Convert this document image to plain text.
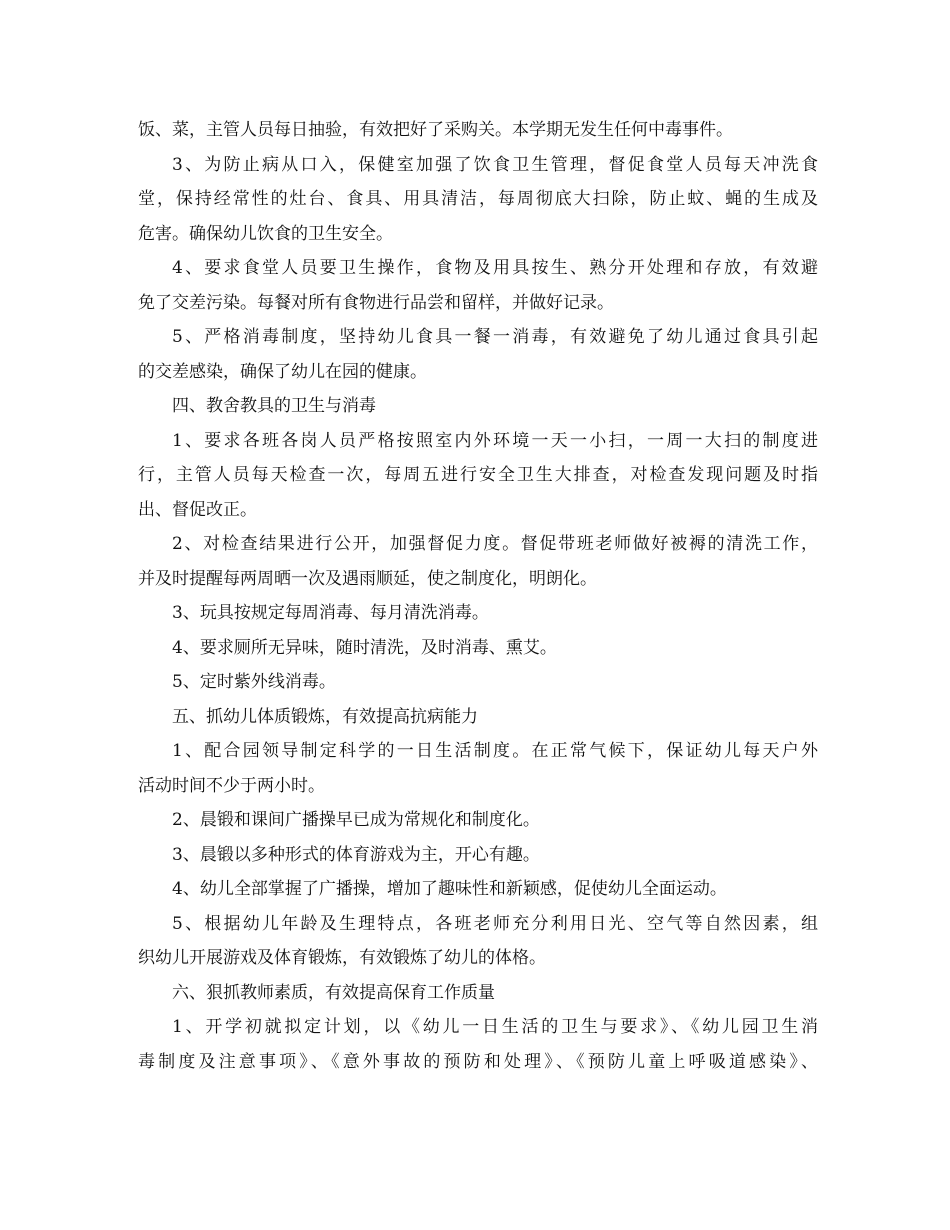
饭、菜，主管人员每日抽验，有效把好了采购关。本学期无发生任何中毒事件。
3、为防止病从口入，保健室加强了饮食卫生管理，督促食堂人员每天冲洗食
堂，保持经常性的灶台、食具、用具清洁，每周彻底大扫除，防止蚊、蝇的生成及
危害。确保幼儿饮食的卫生安全。
4、要求食堂人员要卫生操作，食物及用具按生、熟分开处理和存放，有效避
免了交差污染。每餐对所有食物进行品尝和留样，并做好记录。
5、严格消毒制度，坚持幼儿食具一餐一消毒，有效避免了幼儿通过食具引起
的交差感染，确保了幼儿在园的健康。
四、教舍教具的卫生与消毒
1、要求各班各岗人员严格按照室内外环境一天一小扫，一周一大扫的制度进
行，主管人员每天检查一次，每周五进行安全卫生大排查，对检查发现问题及时指
出、督促改正。
2、对检查结果进行公开，加强督促力度。督促带班老师做好被褥的清洗工作，
并及时提醒每两周晒一次及遇雨顺延，使之制度化，明朗化。
3、玩具按规定每周消毒、每月清洗消毒。
4、要求厕所无异味，随时清洗，及时消毒、熏艾。
5、定时紫外线消毒。
五、抓幼儿体质锻炼，有效提高抗病能力
1、配合园领导制定科学的一日生活制度。在正常气候下，保证幼儿每天户外
活动时间不少于两小时。
2、晨锻和课间广播操早已成为常规化和制度化。
3、晨锻以多种形式的体育游戏为主，开心有趣。
4、幼儿全部掌握了广播操，增加了趣味性和新颖感，促使幼儿全面运动。
5、根据幼儿年龄及生理特点，各班老师充分利用日光、空气等自然因素，组
织幼儿开展游戏及体育锻炼，有效锻炼了幼儿的体格。
六、狠抓教师素质，有效提高保育工作质量
1、开学初就拟定计划，以《幼儿一日生活的卫生与要求》、《幼儿园卫生消
毒制度及注意事项》、《意外事故的预防和处理》、《预防儿童上呼吸道感染》、
